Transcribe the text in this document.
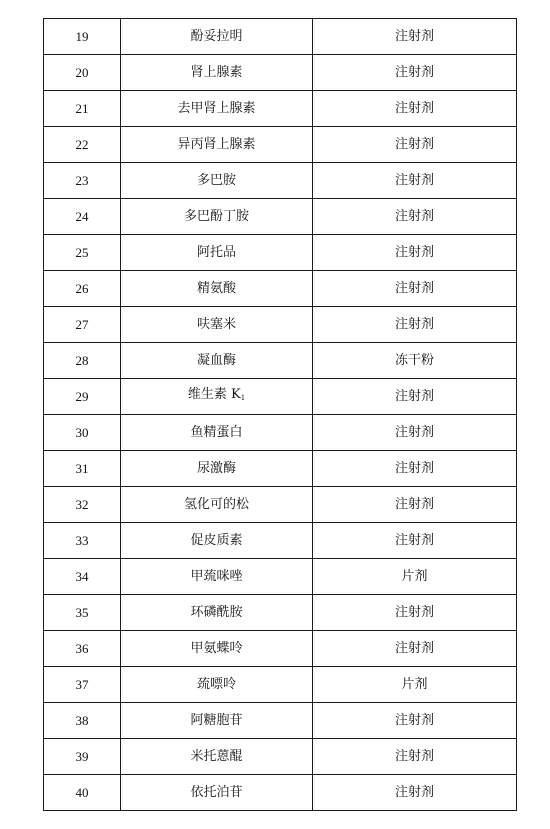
19	酚妥拉明	注射剂
20	肾上腺素	注射剂
21	去甲肾上腺素	注射剂
22	异丙肾上腺素	注射剂
23	多巴胺	注射剂
24	多巴酚丁胺	注射剂
25	阿托品	注射剂
26	精氨酸	注射剂
27	呋塞米	注射剂
28	凝血酶	冻干粉
29	维生素 $K_1$	注射剂
30	鱼精蛋白	注射剂
31	尿激酶	注射剂
32	氢化可的松	注射剂
33	促皮质素	注射剂
34	甲巯咪唑	片剂
35	环磷酰胺	注射剂
36	甲氨蝶呤	注射剂
37	巯嘌呤	片剂
38	阿糖胞苷	注射剂
39	米托蒽醌	注射剂
40	依托泊苷	注射剂
